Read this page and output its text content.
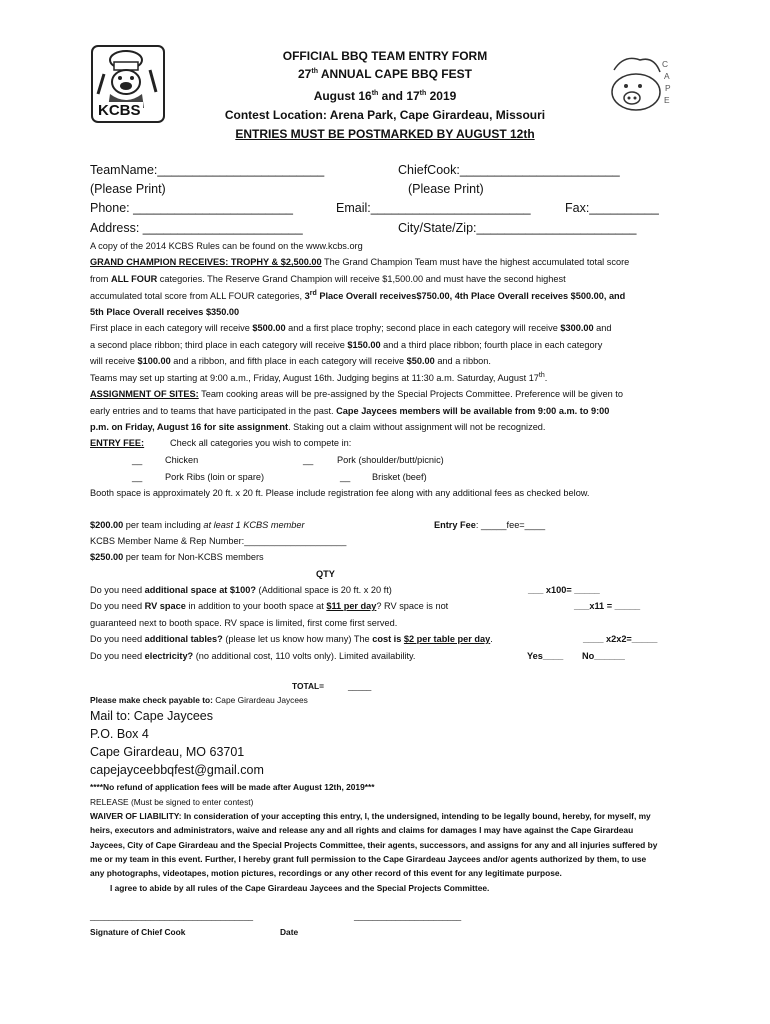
KCBS
C
A
P
E
OFFICIAL BBQ TEAM ENTRY FORM
27th ANNUAL CAPE BBQ FEST
August 16th and 17th 2019
Contest Location: Arena Park, Cape Girardeau, Missouri
ENTRIES MUST BE POSTMARKED BY AUGUST 12th
TeamName:________________________	ChiefCook:_______________________
(Please Print)	(Please Print)
Phone: _______________________	Email:_______________________	Fax:__________
Address: _______________________	City/State/Zip:_______________________
A copy of the 2014 KCBS Rules can be found on the www.kcbs.org
GRAND CHAMPION RECEIVES: TROPHY & $2,500.00 The Grand Champion Team must have the highest accumulated total score
from ALL FOUR categories. The Reserve Grand Champion will receive $1,500.00 and must have the second highest
accumulated total score from ALL FOUR categories, 3rd Place Overall receives$750.00, 4th Place Overall receives $500.00, and
5th Place Overall receives $350.00
First place in each category will receive $500.00 and a first place trophy; second place in each category will receive $300.00 and
a second place ribbon; third place in each category will receive $150.00 and a third place ribbon; fourth place in each category
will receive $100.00 and a ribbon, and fifth place in each category will receive $50.00 and a ribbon.
Teams may set up starting at 9:00 a.m., Friday, August 16th. Judging begins at 11:30 a.m. Saturday, August 17th.
ASSIGNMENT OF SITES: Team cooking areas will be pre-assigned by the Special Projects Committee. Preference will be given to
early entries and to teams that have participated in the past. Cape Jaycees members will be available from 9:00 a.m. to 9:00
p.m. on Friday, August 16 for site assignment. Staking out a claim without assignment will not be recognized.
ENTRY FEE:	Check all categories you wish to compete in:
__ Chicken	__	Pork (shoulder/butt/picnic)
__ Pork Ribs (loin or spare)	__ Brisket (beef)
Booth space is approximately 20 ft. x 20 ft. Please include registration fee along with any additional fees as checked below.
$200.00 per team including at least 1 KCBS member	Entry Fee: _____fee=____
KCBS Member Name & Rep Number:____________________
$250.00 per team for Non-KCBS members
QTY
Do you need additional space at $100? (Additional space is 20 ft. x 20 ft)	___ x100= _____
Do you need RV space in addition to your booth space at $11 per day? RV space is not	___x11 = _____
guaranteed next to booth space. RV space is limited, first come first served.
Do you need additional tables? (please let us know how many) The cost is $2 per table per day.	____ x2x2=_____
Do you need electricity? (no additional cost, 110 volts only). Limited availability.	Yes____ No______
TOTAL=	_____
Please make check payable to: Cape Girardeau Jaycees
Mail to: Cape Jaycees
P.O. Box 4
Cape Girardeau, MO 63701
capejayceebbqfest@gmail.com
****No refund of application fees will be made after August 12th, 2019***
RELEASE (Must be signed to enter contest)
WAIVER OF LIABILITY: In consideration of your accepting this entry, I, the undersigned, intending to be legally bound, hereby, for myself, my
heirs, executors and administrators, waive and release any and all rights and claims for damages I may have against the Cape Girardeau
Jaycees, City of Cape Girardeau and the Special Projects Committee, their agents, successors, and assigns for any and all injuries suffered by
me or my team in this event. Further, I hereby grant full permission to the Cape Girardeau Jaycees and/or agents authorized by them, to use
any photographs, videotapes, motion pictures, recordings or any other record of this event for any legitimate purpose.
I agree to abide by all rules of the Cape Girardeau Jaycees and the Special Projects Committee.
___________________________________	_______________________
Signature of Chief Cook	Date
